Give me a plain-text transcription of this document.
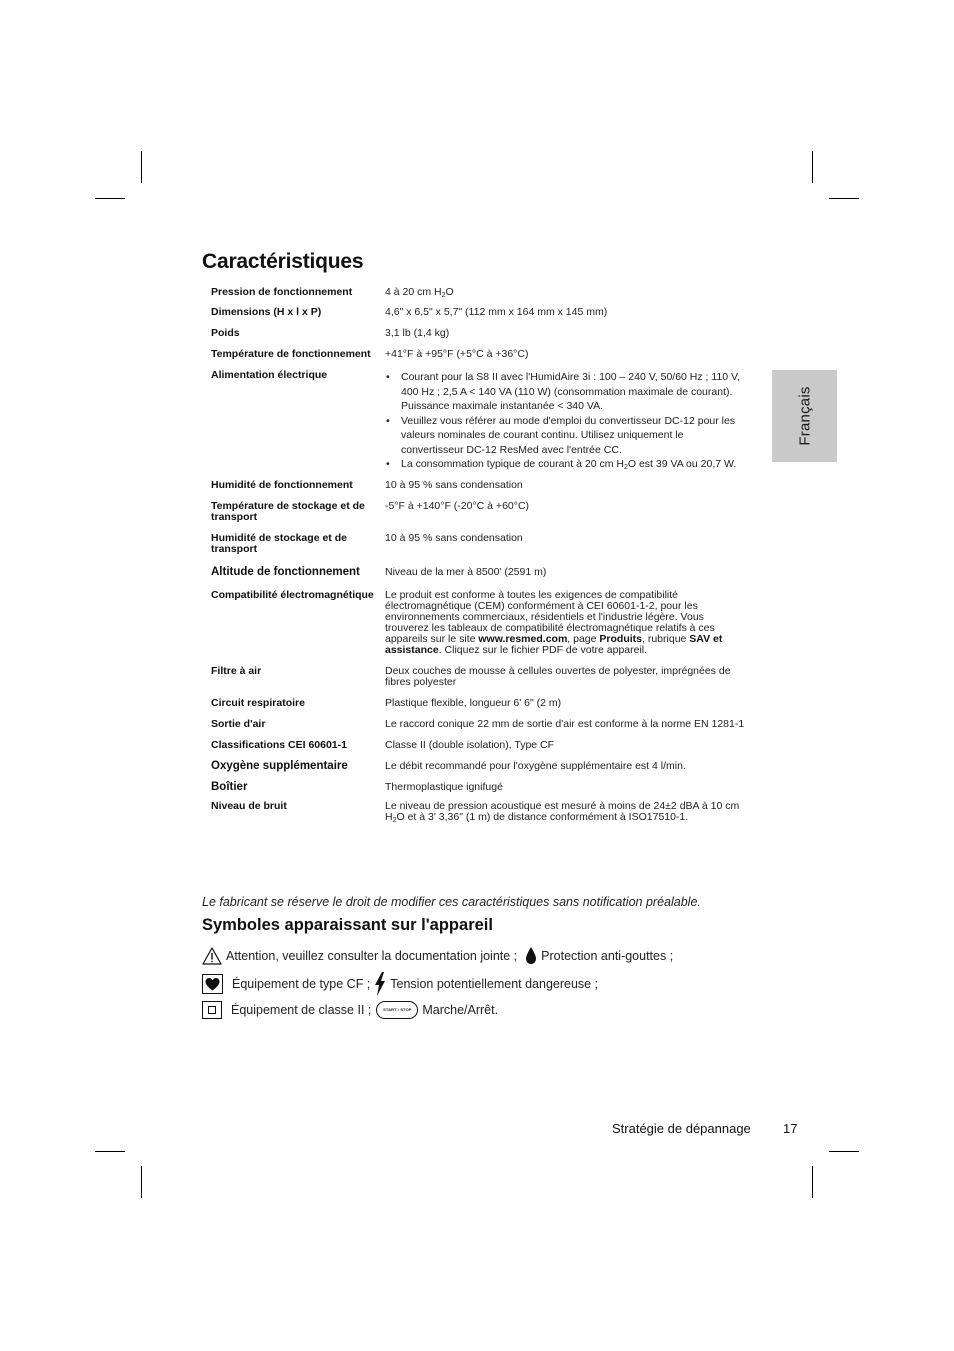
Français
Caractéristiques
Pression de fonctionnement	4 à 20 cm $H_2O$
Dimensions (H x l x P)	4,6" x 6,5" x 5,7" (112 mm x 164 mm x 145 mm)
Poids	3,1 lb (1,4 kg)
Température de fonctionnement	+41°F à +95°F (+5°C à +36°C)
Alimentation électrique
•	Courant pour la S8 II avec l'HumidAire 3i : 100 – 240 V, 50/60 Hz ; 110 V, 400 Hz ; 2,5 A < 140 VA (110 W) (consommation maximale de courant). Puissance maximale instantanée < 340 VA.
• Veuillez vous référer au mode d'emploi du convertisseur DC-12 pour les valeurs nominales de courant continu. Utilisez uniquement le convertisseur DC-12 ResMed avec l'entrée CC.
• La consommation typique de courant à 20 cm $H_2O$ est 39 VA ou 20,7 W.
Humidité de fonctionnement	10 à 95 % sans condensation
Température de stockage et de transport
-5°F à +140°F (-20°C à +60°C)
Humidité de stockage et de transport
10 à 95 % sans condensation
Altitude de fonctionnement	Niveau de la mer à 8500' (2591 m)
Compatibilité électromagnétique	Le produit est conforme à toutes les exigences de compatibilité électromagnétique (CEM) conformément à CEI 60601-1-2, pour les environnements commerciaux, résidentiels et l'industrie légère. Vous trouverez les tableaux de compatibilité électromagnétique relatifs à ces appareils sur le site www.resmed.com, page Produits, rubrique SAV et assistance. Cliquez sur le fichier PDF de votre appareil.
Filtre à air	Deux couches de mousse à cellules ouvertes de polyester, imprégnées de fibres polyester
Circuit respiratoire	Plastique flexible, longueur 6' 6" (2 m)
Sortie d'air	Le raccord conique 22 mm de sortie d'air est conforme à la norme EN 1281-1
Classifications CEI 60601-1	Classe II (double isolation), Type CF
Oxygène supplémentaire	Le débit recommandé pour l'oxygène supplémentaire est 4 l/min.
Boîtier	Thermoplastique ignifugé
Niveau de bruit	Le niveau de pression acoustique est mesuré à moins de 24±2 dBA à 10 cm $H_2O$ et à 3' 3,36" (1 m) de distance conformément à ISO17510-1.

Le fabricant se réserve le droit de modifier ces caractéristiques sans notification préalable.

Symboles apparaissant sur l'appareil
Attention, veuillez consulter la documentation jointe ; Protection anti-gouttes ;
Équipement de type CF ; Tension potentiellement dangereuse ;
Équipement de classe II ;	START / STOP Marche/Arrêt.
Stratégie de dépannage 17
